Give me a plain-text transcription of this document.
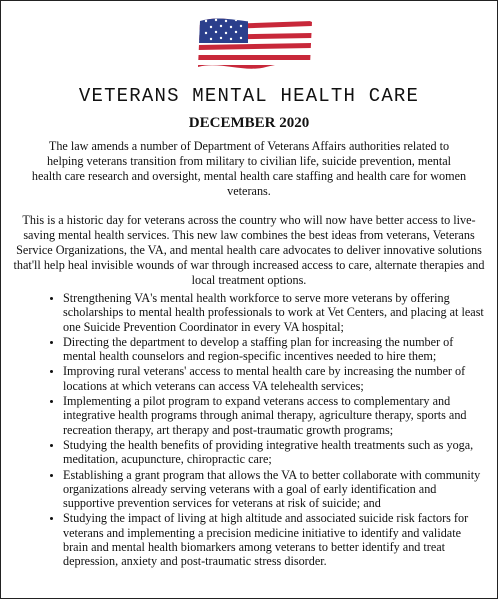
VETERANS MENTAL HEALTH CARE
DECEMBER 2020
The law amends a number of Department of Veterans Affairs authorities related to helping veterans transition from military to civilian life, suicide prevention, mental health care research and oversight, mental health care staffing and health care for women veterans.
This is a historic day for veterans across the country who will now have better access to live-saving mental health services. This new law combines the best ideas from veterans, Veterans Service Organizations, the VA, and mental health care advocates to deliver innovative solutions that'll help heal invisible wounds of war through increased access to care, alternate therapies and local treatment options.
• Strengthening VA's mental health workforce to serve more veterans by offering scholarships to mental health professionals to work at Vet Centers, and placing at least one Suicide Prevention Coordinator in every VA hospital;
• Directing the department to develop a staffing plan for increasing the number of mental health counselors and region-specific incentives needed to hire them;
• Improving rural veterans' access to mental health care by increasing the number of locations at which veterans can access VA telehealth services;
• Implementing a pilot program to expand veterans access to complementary and integrative health programs through animal therapy, agriculture therapy, sports and recreation therapy, art therapy and post-traumatic growth programs;
• Studying the health benefits of providing integrative health treatments such as yoga, meditation, acupuncture, chiropractic care;
• Establishing a grant program that allows the VA to better collaborate with community organizations already serving veterans with a goal of early identification and supportive prevention services for veterans at risk of suicide; and
• Studying the impact of living at high altitude and associated suicide risk factors for veterans and implementing a precision medicine initiative to identify and validate brain and mental health biomarkers among veterans to better identify and treat depression, anxiety and post-traumatic stress disorder.
